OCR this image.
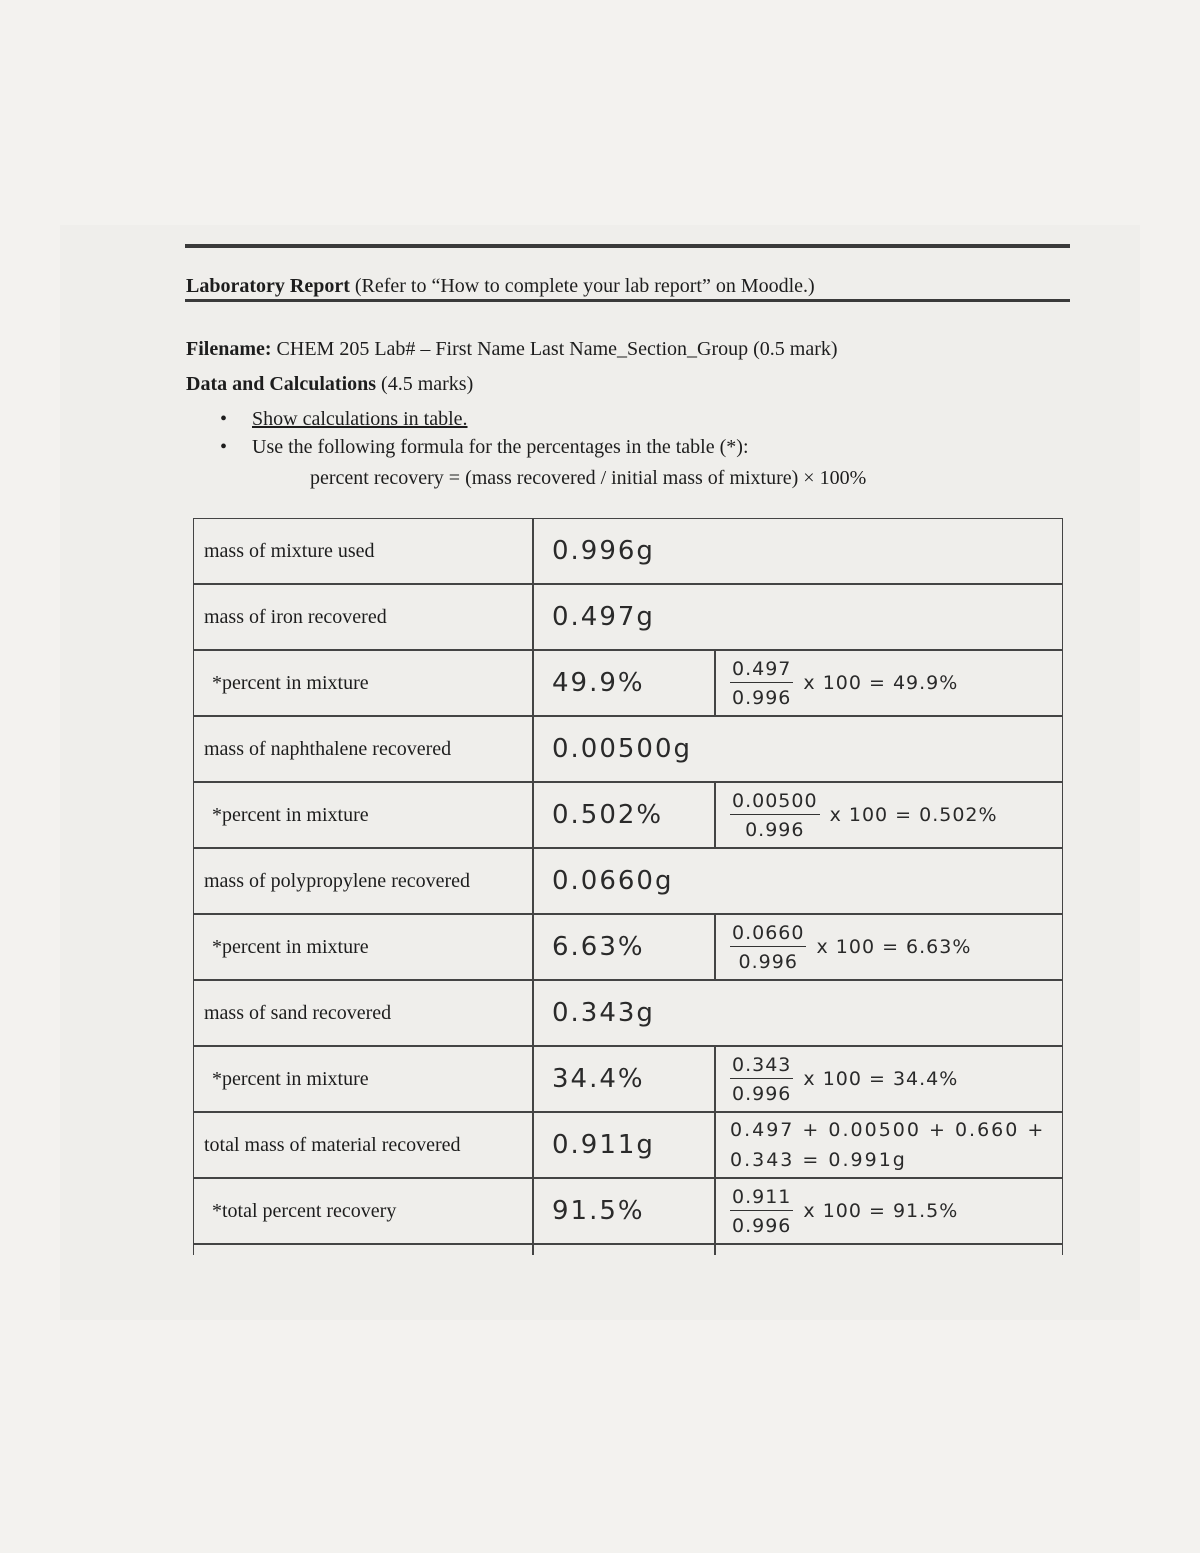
Laboratory Report (Refer to “How to complete your lab report” on Moodle.)
Filename: CHEM 205 Lab# – First Name Last Name_Section_Group (0.5 mark)
Data and Calculations (4.5 marks)
• Show calculations in table.
• Use the following formula for the percentages in the table (*):
percent recovery = (mass recovered / initial mass of mixture) × 100%
mass of mixture used	0.996g	
mass of iron recovered	0.497g	
*percent in mixture	49.9%	$\frac{0.497}{0.996}$ x 100 = 49.9%
mass of naphthalene recovered	0.00500g	
*percent in mixture	0.502%	$\frac{0.00500}{0.996}$ x 100 = 0.502%
mass of polypropylene recovered	0.0660g	
*percent in mixture	6.63%	$\frac{0.0660}{0.996}$ x 100 = 6.63%
mass of sand recovered	0.343g	
*percent in mixture	34.4%	$\frac{0.343}{0.996}$ x 100 = 34.4%
total mass of material recovered	0.911g	0.497 + 0.00500 + 0.660 +
0.343 = 0.991g

*total percent recovery	91.5%	$\frac{0.911}{0.996}$ x 100 = 91.5%
